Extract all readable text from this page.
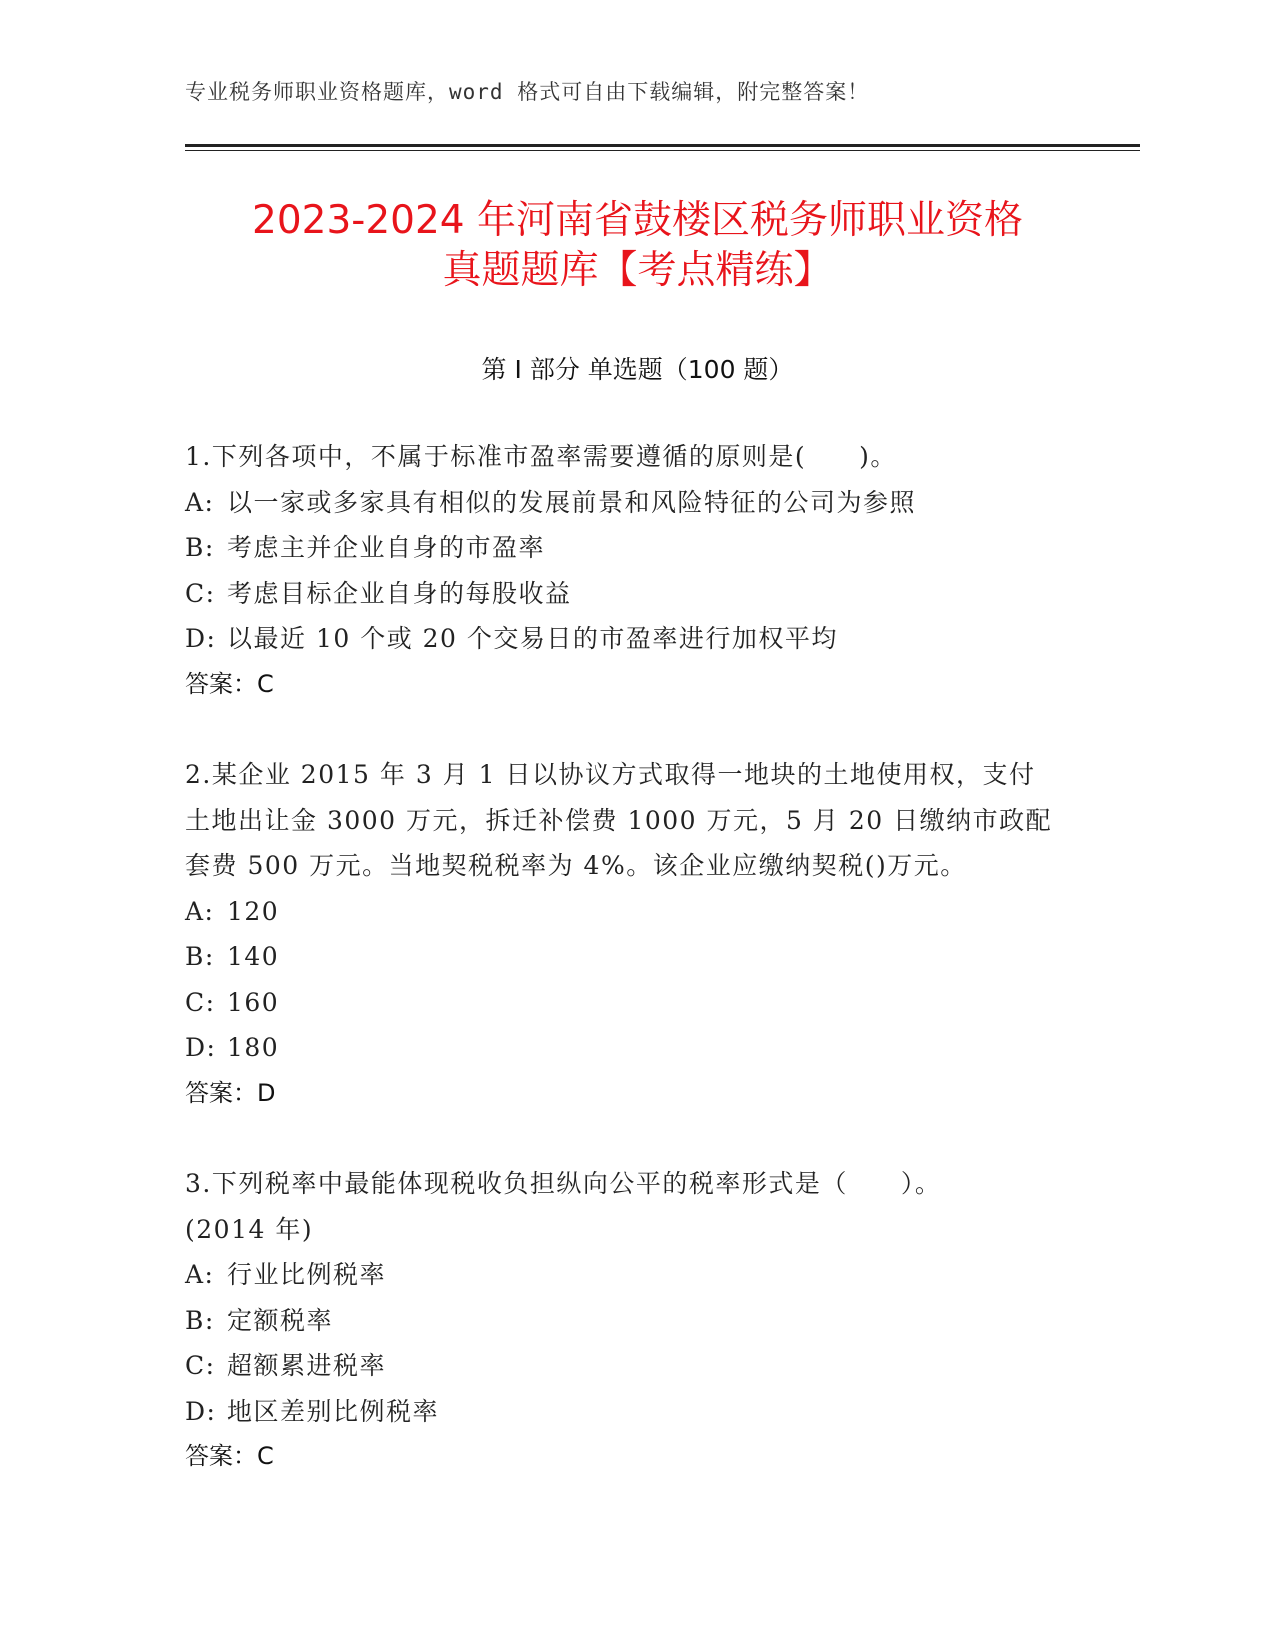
专业税务师职业资格题库，word 格式可自由下载编辑，附完整答案！
2023-2024 年河南省鼓楼区税务师职业资格
真题题库【考点精练】
第 I 部分 单选题（100 题）
1.下列各项中，不属于标准市盈率需要遵循的原则是(　　)。
A: 以一家或多家具有相似的发展前景和风险特征的公司为参照
B: 考虑主并企业自身的市盈率
C: 考虑目标企业自身的每股收益
D: 以最近 10 个或 20 个交易日的市盈率进行加权平均
答案：C
2.某企业 2015 年 3 月 1 日以协议方式取得一地块的土地使用权，支付
土地出让金 3000 万元，拆迁补偿费 1000 万元，5 月 20 日缴纳市政配
套费 500 万元。当地契税税率为 4%。该企业应缴纳契税()万元。
A: 120
B: 140
C: 160
D: 180
答案：D
3.下列税率中最能体现税收负担纵向公平的税率形式是（　　）。
(2014 年)
A: 行业比例税率
B: 定额税率
C: 超额累进税率
D: 地区差别比例税率
答案：C
